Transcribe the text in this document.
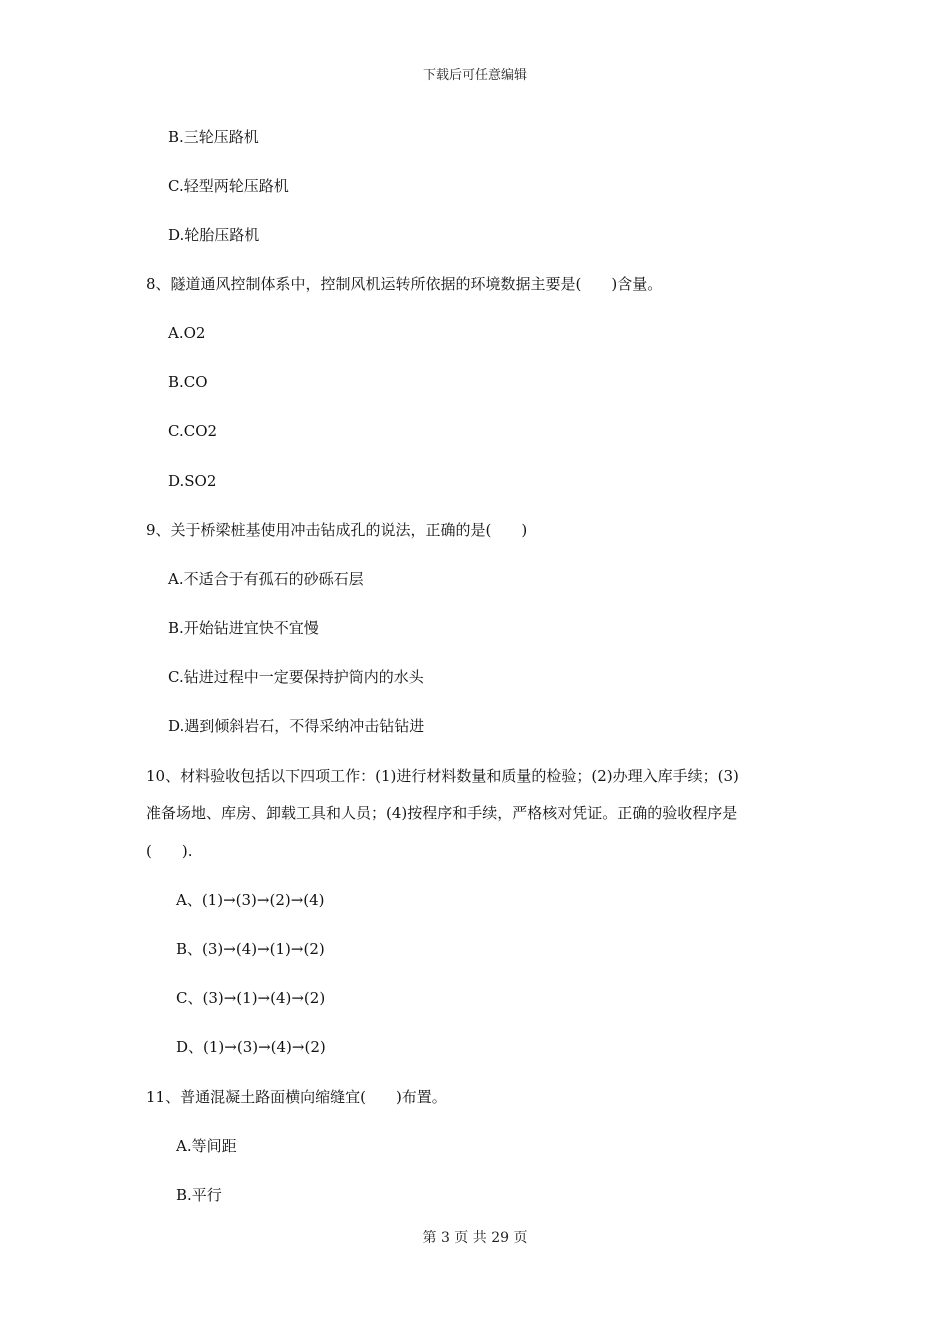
下载后可任意编辑
B.三轮压路机
C.轻型两轮压路机
D.轮胎压路机
8、隧道通风控制体系中，控制风机运转所依据的环境数据主要是(　　)含量。
A.O2
B.CO
C.CO2
D.SO2
9、关于桥梁桩基使用冲击钻成孔的说法，正确的是(　　)
A.不适合于有孤石的砂砾石层
B.开始钻进宜快不宜慢
C.钻进过程中一定要保持护筒内的水头
D.遇到倾斜岩石，不得采纳冲击钻钻进
10、材料验收包括以下四项工作：(1)进行材料数量和质量的检验；(2)办理入库手续；(3)
准备场地、库房、卸载工具和人员；(4)按程序和手续，严格核对凭证。正确的验收程序是
(　　).
A、(1)→(3)→(2)→(4)
B、(3)→(4)→(1)→(2)
C、(3)→(1)→(4)→(2)
D、(1)→(3)→(4)→(2)
11、普通混凝土路面横向缩缝宜(　　)布置。
A.等间距
B.平行
第 3 页 共 29 页
